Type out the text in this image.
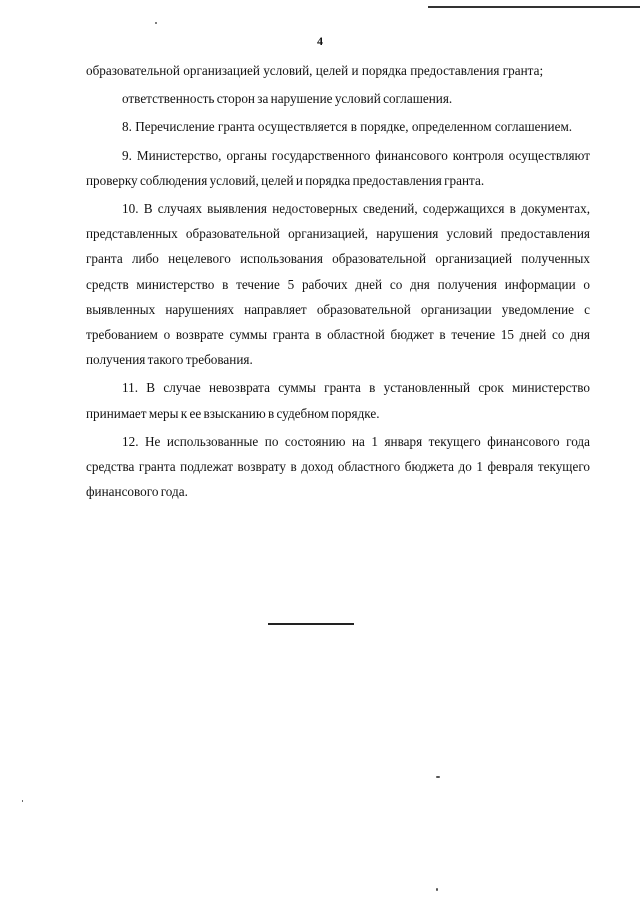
4

образовательной организацией условий, целей и порядка предоставления гранта;

ответственность сторон за нарушение условий соглашения.

8. Перечисление гранта осуществляется в порядке, определенном соглашением.

9. Министерство, органы государственного финансового контроля осуществляют проверку соблюдения условий, целей и порядка предоставления гранта.

10. В случаях выявления недостоверных сведений, содержащихся в документах, представленных образовательной организацией, нарушения условий предоставления гранта либо нецелевого использования образовательной организацией полученных средств министерство в течение 5 рабочих дней со дня получения информации о выявленных нарушениях направляет образовательной организации уведомление с требованием о возврате суммы гранта в областной бюджет в течение 15 дней со дня получения такого требования.

11. В случае невозврата суммы гранта в установленный срок министерство принимает меры к ее взысканию в судебном порядке.

12. Не использованные по состоянию на 1 января текущего финансового года средства гранта подлежат возврату в доход областного бюджета до 1 февраля текущего финансового года.
